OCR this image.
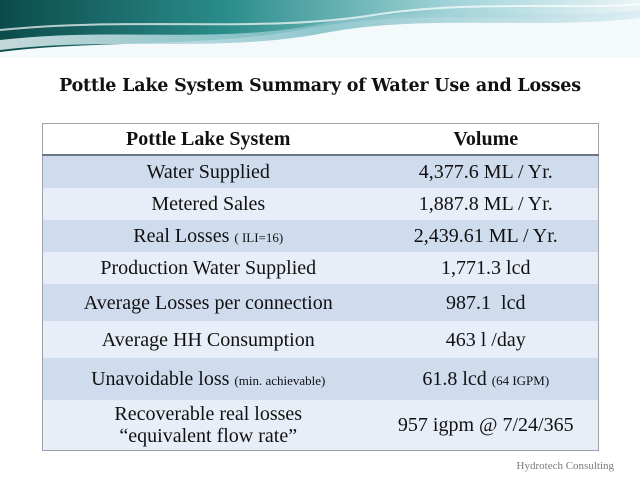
Pottle Lake System Summary of Water Use and Losses
Pottle Lake System	Volume
Water Supplied	4,377.6 ML / Yr.
Metered Sales	1,887.8 ML / Yr.
Real Losses ( ILI=16)	2,439.61 ML / Yr.
Production Water Supplied	1,771.3 lcd
Average Losses per connection	987.1  lcd
Average HH Consumption	463 l /day
Unavoidable loss (min. achievable)	61.8 lcd (64 IGPM)
Recoverable real losses
“equivalent flow rate”	957 igpm @ 7/24/365
Hydrotech Consulting
